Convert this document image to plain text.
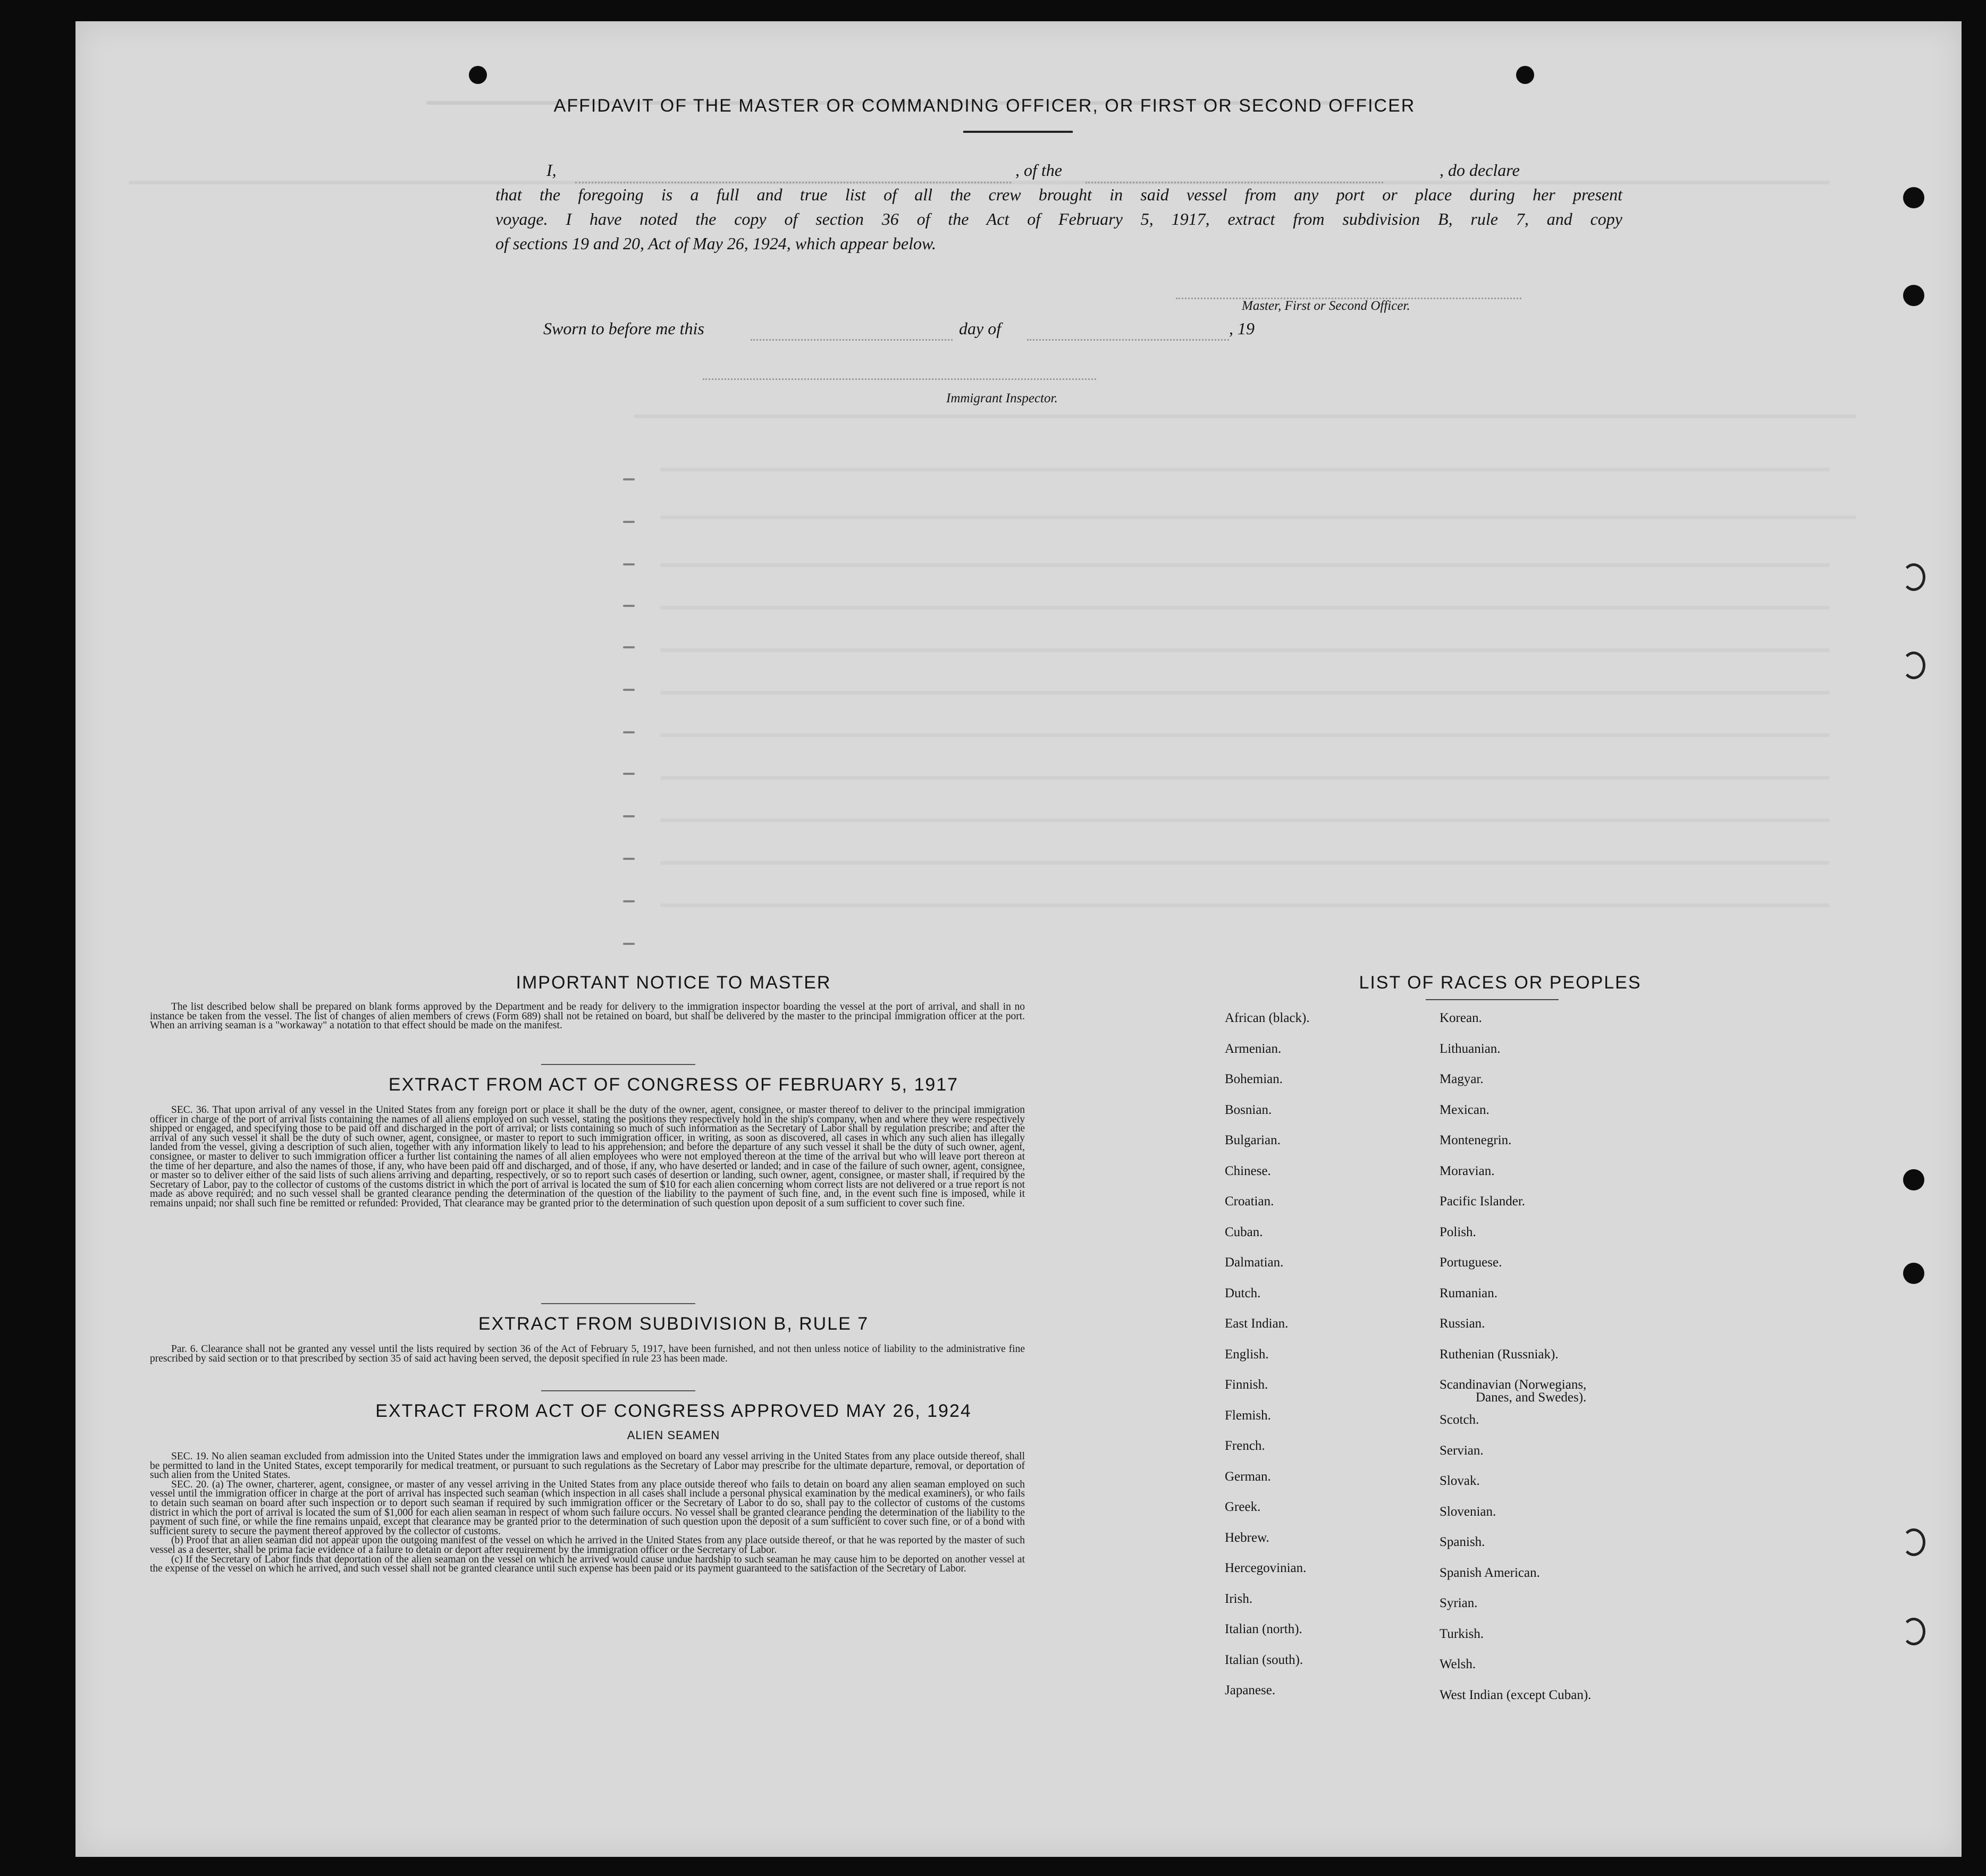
AFFIDAVIT OF THE MASTER OR COMMANDING OFFICER, OR FIRST OR SECOND OFFICER
I,	, of the	, do declare
that the foregoing is a full and true list of all the crew brought in said vessel from any port or place during her present
voyage. I have noted the copy of section 36 of the Act of February 5, 1917, extract from subdivision B, rule 7, and copy
of sections 19 and 20, Act of May 26, 1924, which appear below.
Master, First or Second Officer.
Sworn to before me this	day of	, 19
Immigrant Inspector.
IMPORTANT NOTICE TO MASTER

The list described below shall be prepared on blank forms approved by the Department and be ready for delivery to the immigration inspector boarding the vessel at the port of arrival, and shall in no instance be taken from the vessel. The list of changes of alien members of crews (Form 689) shall not be retained on board, but shall be delivered by the master to the principal immigration officer at the port. When an arriving seaman is a "workaway" a notation to that effect should be made on the manifest.

EXTRACT FROM ACT OF CONGRESS OF FEBRUARY 5, 1917

SEC. 36. That upon arrival of any vessel in the United States from any foreign port or place it shall be the duty of the owner, agent, consignee, or master thereof to deliver to the principal immigration officer in charge of the port of arrival lists containing the names of all aliens employed on such vessel, stating the positions they respectively hold in the ship's company, when and where they were respectively shipped or engaged, and specifying those to be paid off and discharged in the port of arrival; or lists containing so much of such information as the Secretary of Labor shall by regulation prescribe; and after the arrival of any such vessel it shall be the duty of such owner, agent, consignee, or master to report to such immigration officer, in writing, as soon as discovered, all cases in which any such alien has illegally landed from the vessel, giving a description of such alien, together with any information likely to lead to his apprehension; and before the departure of any such vessel it shall be the duty of such owner, agent, consignee, or master to deliver to such immigration officer a further list containing the names of all alien employees who were not employed thereon at the time of the arrival but who will leave port thereon at the time of her departure, and also the names of those, if any, who have been paid off and discharged, and of those, if any, who have deserted or landed; and in case of the failure of such owner, agent, consignee, or master so to deliver either of the said lists of such aliens arriving and departing, respectively, or so to report such cases of desertion or landing, such owner, agent, consignee, or master shall, if required by the Secretary of Labor, pay to the collector of customs of the customs district in which the port of arrival is located the sum of $10 for each alien concerning whom correct lists are not delivered or a true report is not made as above required; and no such vessel shall be granted clearance pending the determination of the question of the liability to the payment of such fine, and, in the event such fine is imposed, while it remains unpaid; nor shall such fine be remitted or refunded: Provided, That clearance may be granted prior to the determination of such question upon deposit of a sum sufficient to cover such fine.

EXTRACT FROM SUBDIVISION B, RULE 7

Par. 6. Clearance shall not be granted any vessel until the lists required by section 36 of the Act of February 5, 1917, have been furnished, and not then unless notice of liability to the administrative fine prescribed by said section or to that prescribed by section 35 of said act having been served, the deposit specified in rule 23 has been made.

EXTRACT FROM ACT OF CONGRESS APPROVED MAY 26, 1924
ALIEN SEAMEN

SEC. 19. No alien seaman excluded from admission into the United States under the immigration laws and employed on board any vessel arriving in the United States from any place outside thereof, shall be permitted to land in the United States, except temporarily for medical treatment, or pursuant to such regulations as the Secretary of Labor may prescribe for the ultimate departure, removal, or deportation of such alien from the United States.

SEC. 20. (a) The owner, charterer, agent, consignee, or master of any vessel arriving in the United States from any place outside thereof who fails to detain on board any alien seaman employed on such vessel until the immigration officer in charge at the port of arrival has inspected such seaman (which inspection in all cases shall include a personal physical examination by the medical examiners), or who fails to detain such seaman on board after such inspection or to deport such seaman if required by such immigration officer or the Secretary of Labor to do so, shall pay to the collector of customs of the customs district in which the port of arrival is located the sum of $1,000 for each alien seaman in respect of whom such failure occurs. No vessel shall be granted clearance pending the determination of the liability to the payment of such fine, or while the fine remains unpaid, except that clearance may be granted prior to the determination of such question upon the deposit of a sum sufficient to cover such fine, or of a bond with sufficient surety to secure the payment thereof approved by the collector of customs.

(b) Proof that an alien seaman did not appear upon the outgoing manifest of the vessel on which he arrived in the United States from any place outside thereof, or that he was reported by the master of such vessel as a deserter, shall be prima facie evidence of a failure to detain or deport after requirement by the immigration officer or the Secretary of Labor.

(c) If the Secretary of Labor finds that deportation of the alien seaman on the vessel on which he arrived would cause undue hardship to such seaman he may cause him to be deported on another vessel at the expense of the vessel on which he arrived, and such vessel shall not be granted clearance until such expense has been paid or its payment guaranteed to the satisfaction of the Secretary of Labor.

LIST OF RACES OR PEOPLES
African (black).
Armenian.
Bohemian.
Bosnian.
Bulgarian.
Chinese.
Croatian.
Cuban.
Dalmatian.
Dutch.
East Indian.
English.
Finnish.
Flemish.
French.
German.
Greek.
Hebrew.
Hercegovinian.
Irish.
Italian (north).
Italian (south).
Japanese.
Korean.
Lithuanian.
Magyar.
Mexican.
Montenegrin.
Moravian.
Pacific Islander.
Polish.
Portuguese.
Rumanian.
Russian.
Ruthenian (Russniak).
Scandinavian (Norwegians,
Danes, and Swedes).
Scotch.
Servian.
Slovak.
Slovenian.
Spanish.
Spanish American.
Syrian.
Turkish.
Welsh.
West Indian (except Cuban).
